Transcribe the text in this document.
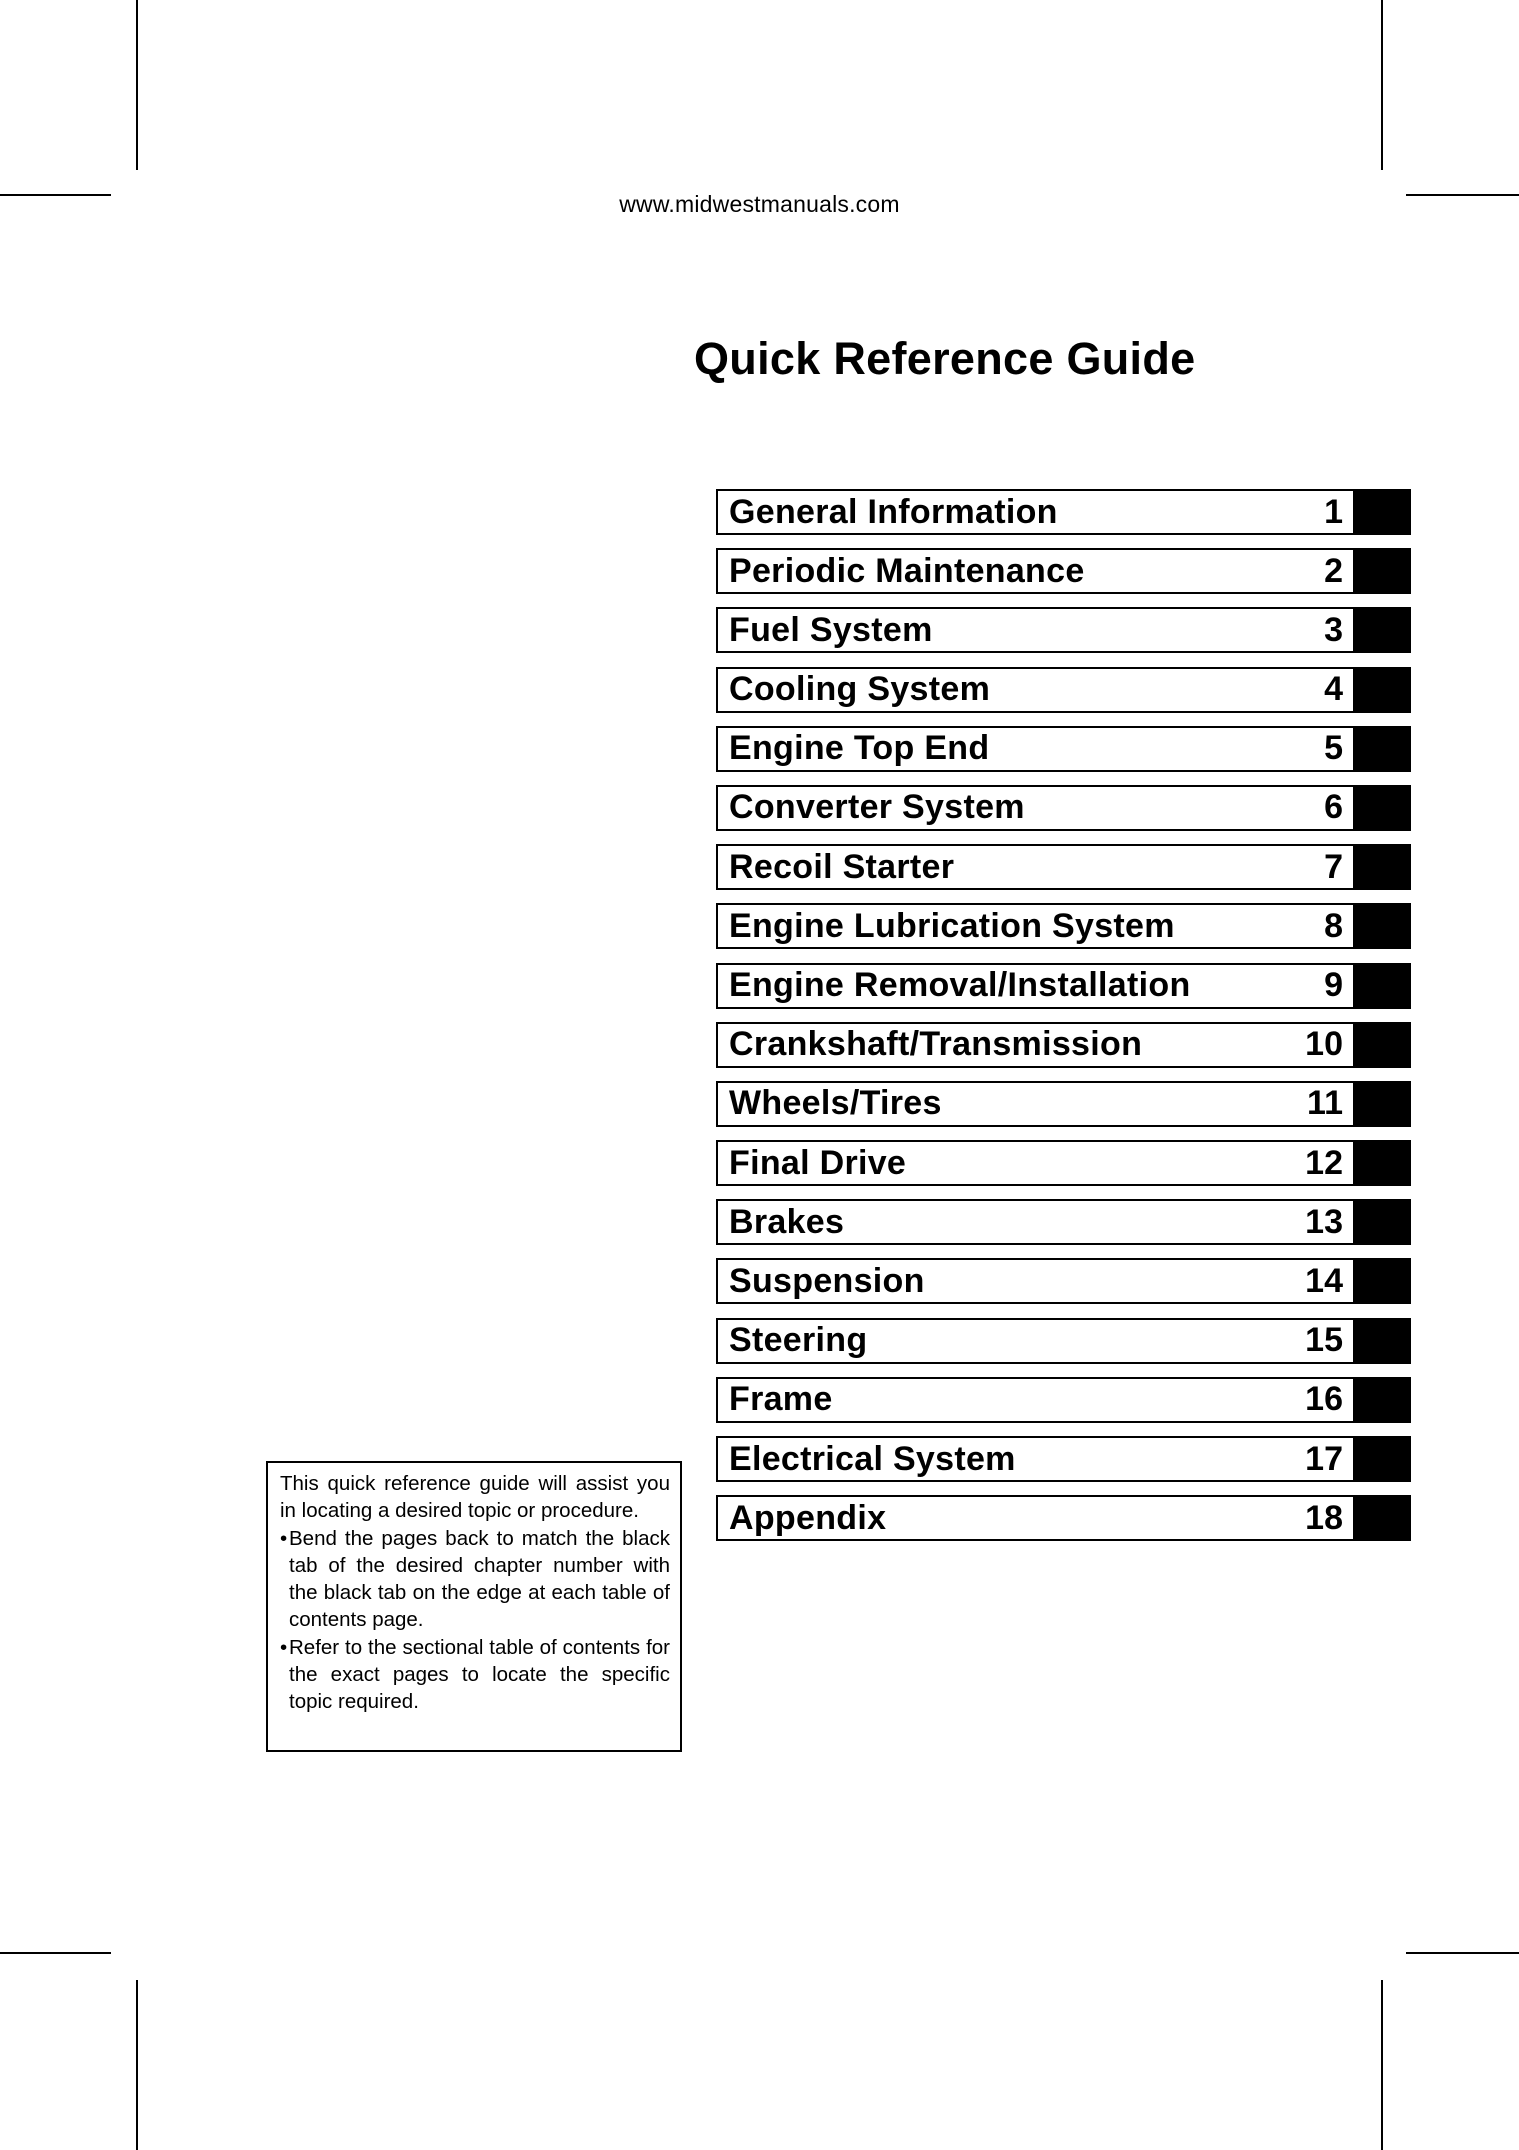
www.midwestmanuals.com
Quick Reference Guide
General Information	1
Periodic Maintenance	2
Fuel System	3
Cooling System	4
Engine Top End	5
Converter System	6
Recoil Starter	7
Engine Lubrication System	8
Engine Removal/Installation	9
Crankshaft/Transmission	10
Wheels/Tires	11
Final Drive	12
Brakes	13
Suspension	14
Steering	15
Frame	16
Electrical System	17
Appendix	18

This quick reference guide will assist you in locating a desired topic or procedure.

• Bend the pages back to match the black tab of the desired chapter number with the black tab on the edge at each table of contents page.
• Refer to the sectional table of contents for the exact pages to locate the specific topic required.
